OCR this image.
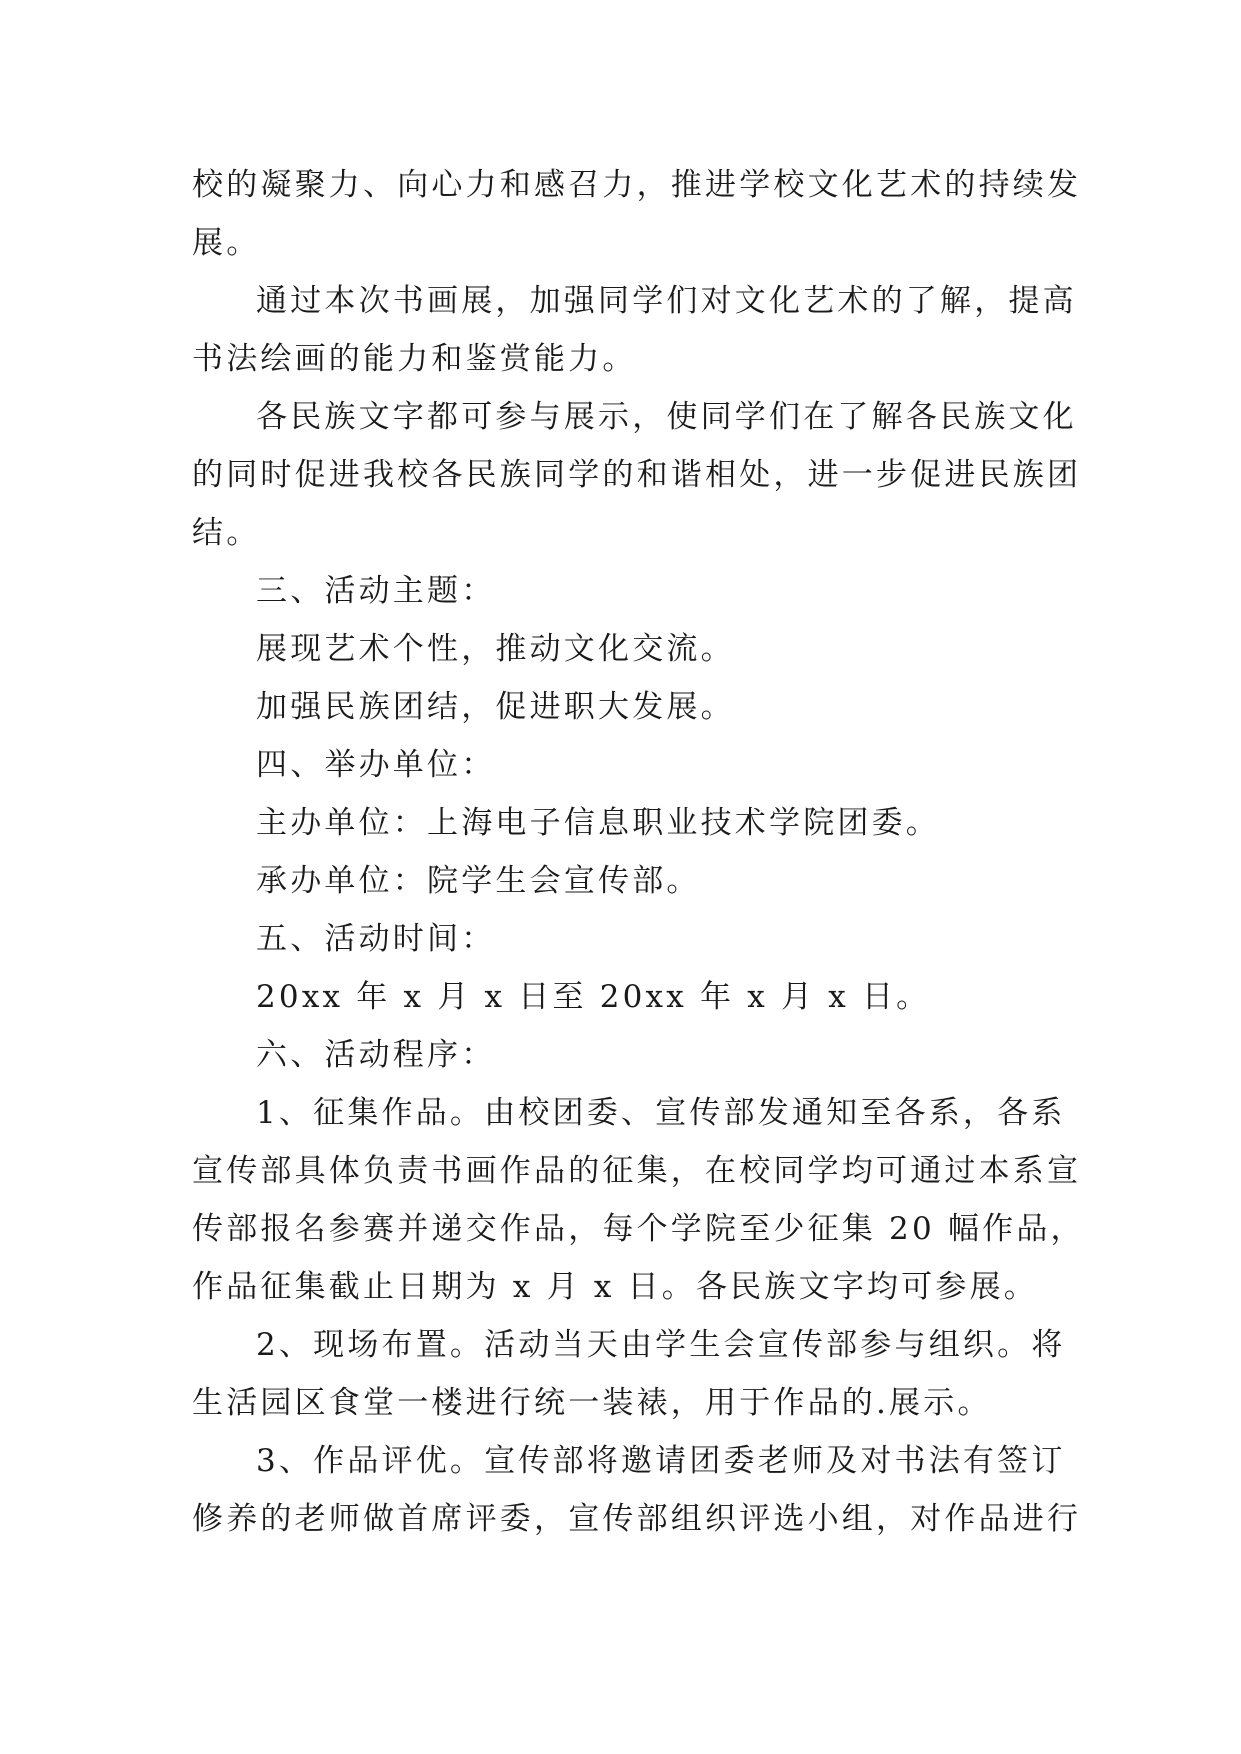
校的凝聚力、向心力和感召力，推进学校文化艺术的持续发
展。
通过本次书画展，加强同学们对文化艺术的了解，提高
书法绘画的能力和鉴赏能力。
各民族文字都可参与展示，使同学们在了解各民族文化
的同时促进我校各民族同学的和谐相处，进一步促进民族团
结。
三、活动主题：
展现艺术个性，推动文化交流。
加强民族团结，促进职大发展。
四、举办单位：
主办单位：上海电子信息职业技术学院团委。
承办单位：院学生会宣传部。
五、活动时间：
20xx 年 x 月 x 日至 20xx 年 x 月 x 日。
六、活动程序：
1、征集作品。由校团委、宣传部发通知至各系，各系
宣传部具体负责书画作品的征集，在校同学均可通过本系宣
传部报名参赛并递交作品，每个学院至少征集 20 幅作品，
作品征集截止日期为 x 月 x 日。各民族文字均可参展。
2、现场布置。活动当天由学生会宣传部参与组织。将
生活园区食堂一楼进行统一装裱，用于作品的.展示。
3、作品评优。宣传部将邀请团委老师及对书法有签订
修养的老师做首席评委，宣传部组织评选小组，对作品进行
